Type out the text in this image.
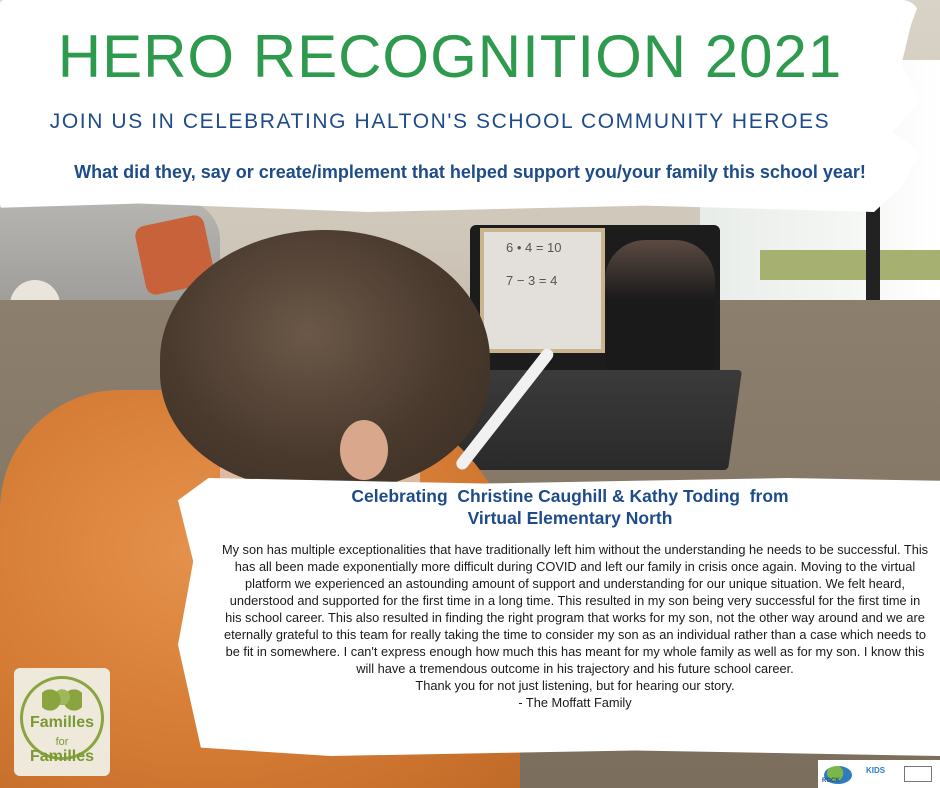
6 • 4 = 10
7 − 3 = 4
HERO RECOGNITION 2021
JOIN US IN CELEBRATING HALTON'S SCHOOL COMMUNITY HEROES
What did they, say or create/implement that helped support you/your family this school year!
Celebrating  Christine Caughill & Kathy Toding  from
Virtual Elementary North

My son has multiple exceptionalities that have traditionally left him without the understanding he needs to be successful. This has all been made exponentially more difficult during COVID and left our family in crisis once again. Moving to the virtual platform we experienced an astounding amount of support and understanding for our unique situation. We felt heard, understood and supported for the first time in a long time. This resulted in my son being very successful for the first time in his school career. This also resulted in finding the right program that works for my son, not the other way around and we are eternally grateful to this team for really taking the time to consider my son as an individual rather than a case which needs to be fit in somewhere. I can't express enough how much this has meant for my whole family as well as for my son. I know this will have a tremendous outcome in his trajectory and his future school career.

Thank you for not just listening, but for hearing our story.

- The Moffatt Family

Familles
for
Familles
ROCK
KIDS
